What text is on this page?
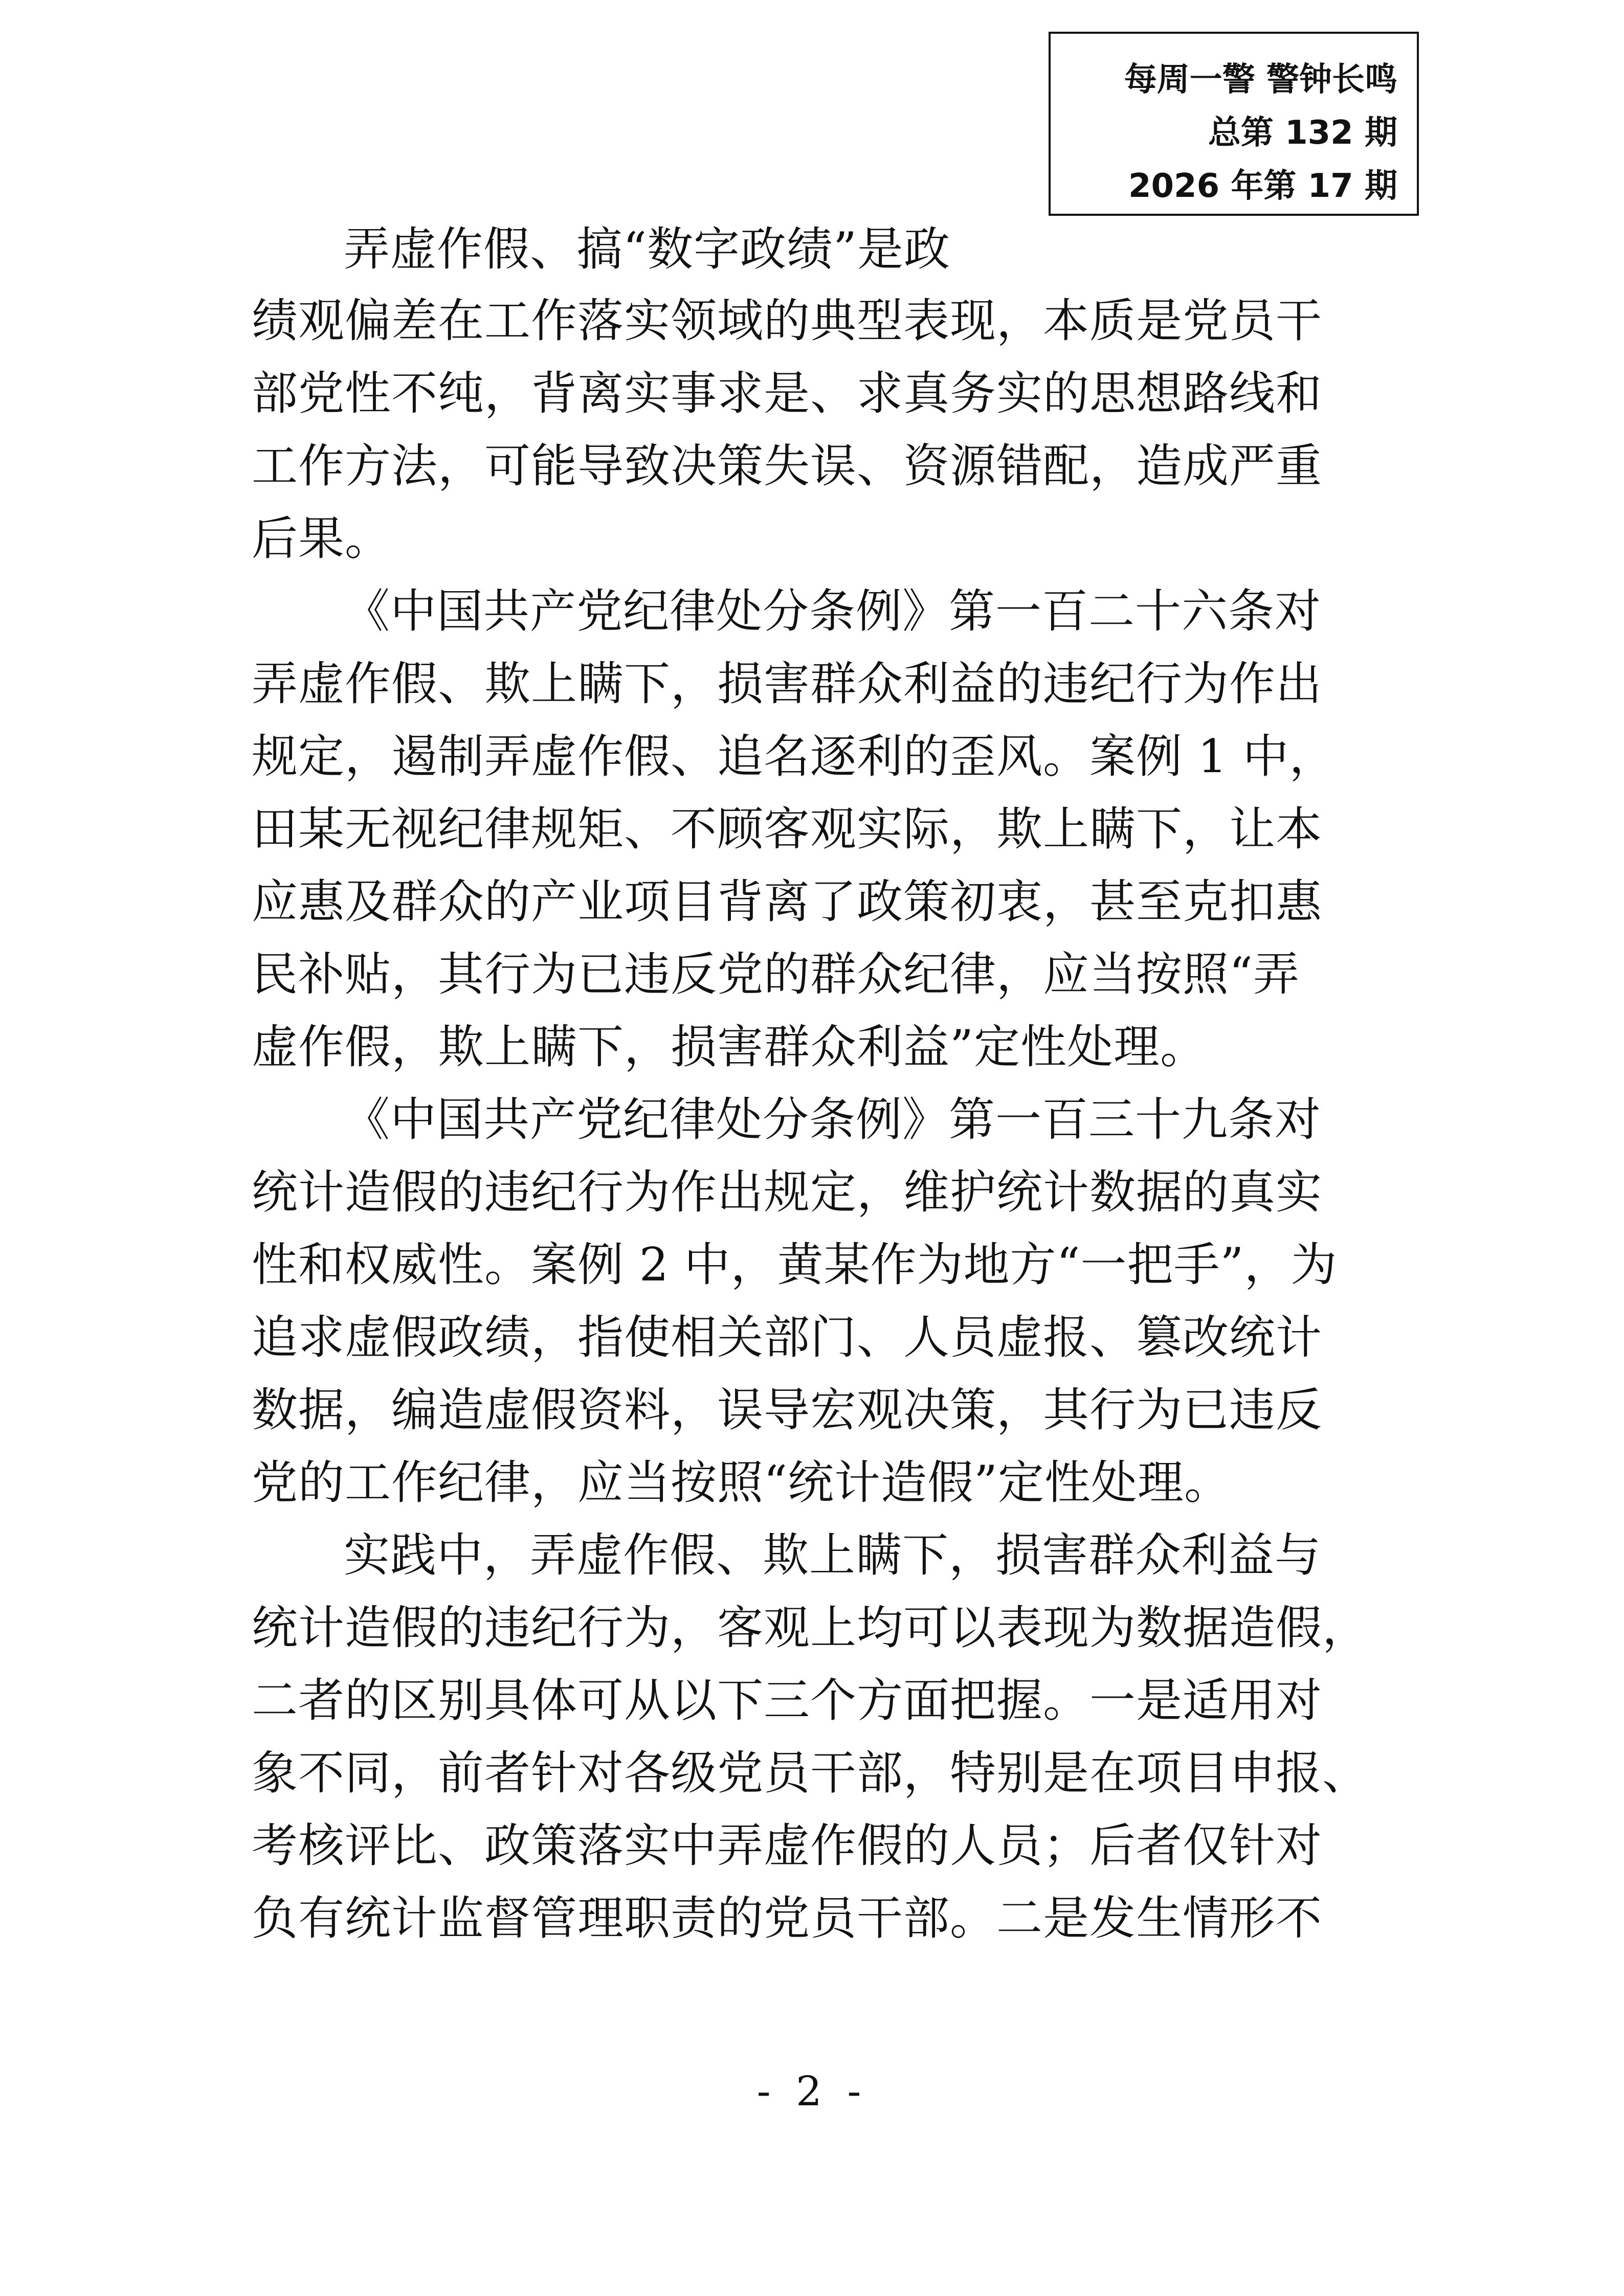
每周一警 警钟长鸣
总第 132 期
2026 年第 17 期
弄虚作假、搞“数字政绩”是政
绩观偏差在工作落实领域的典型表现，本质是党员干
部党性不纯，背离实事求是、求真务实的思想路线和
工作方法，可能导致决策失误、资源错配，造成严重
后果。
《中国共产党纪律处分条例》第一百二十六条对
弄虚作假、欺上瞒下，损害群众利益的违纪行为作出
规定，遏制弄虚作假、追名逐利的歪风。案例 1 中，
田某无视纪律规矩、不顾客观实际，欺上瞒下，让本
应惠及群众的产业项目背离了政策初衷，甚至克扣惠
民补贴，其行为已违反党的群众纪律，应当按照“弄
虚作假，欺上瞒下，损害群众利益”定性处理。
《中国共产党纪律处分条例》第一百三十九条对
统计造假的违纪行为作出规定，维护统计数据的真实
性和权威性。案例 2 中，黄某作为地方“一把手”，为
追求虚假政绩，指使相关部门、人员虚报、篡改统计
数据，编造虚假资料，误导宏观决策，其行为已违反
党的工作纪律，应当按照“统计造假”定性处理。
实践中，弄虚作假、欺上瞒下，损害群众利益与
统计造假的违纪行为，客观上均可以表现为数据造假，
二者的区别具体可从以下三个方面把握。一是适用对
象不同，前者针对各级党员干部，特别是在项目申报、
考核评比、政策落实中弄虚作假的人员；后者仅针对
负有统计监督管理职责的党员干部。二是发生情形不
- 2 -
